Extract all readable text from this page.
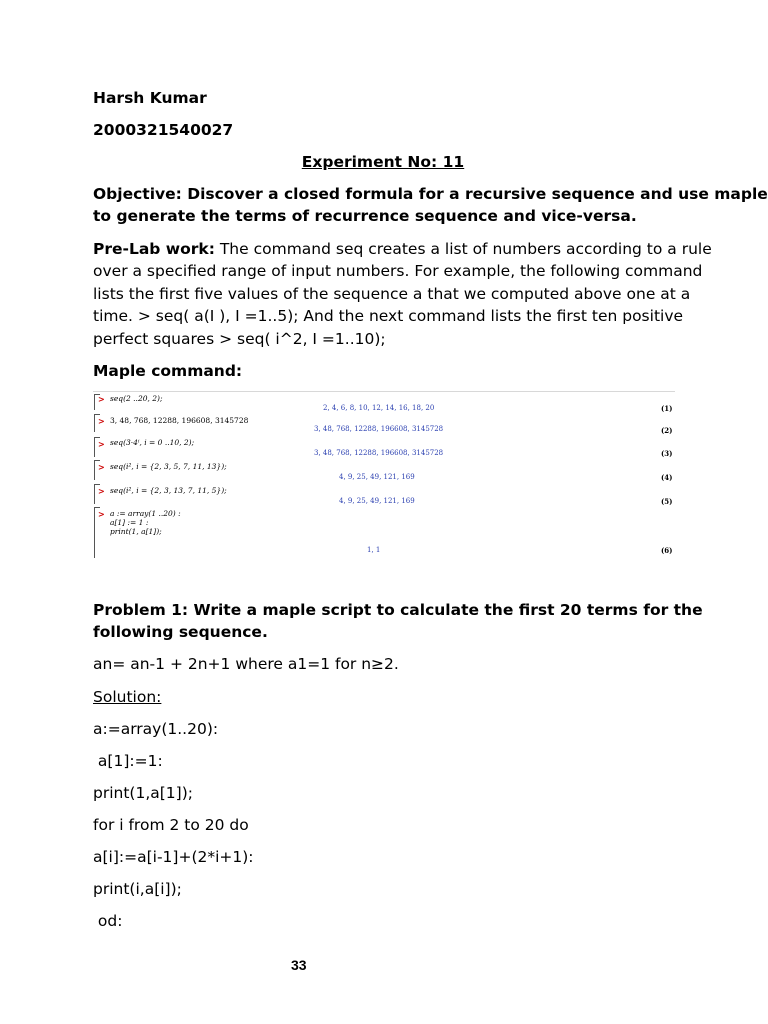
Harsh Kumar
2000321540027
Experiment No: 11
Objective: Discover a closed formula for a recursive sequence and use maple
to generate the terms of recurrence sequence and vice-versa.
Pre-Lab work: The command seq creates a list of numbers according to a rule
over a specified range of input numbers. For example, the following command
lists the first five values of the sequence a that we computed above one at a
time. > seq( a(I ), I =1..5); And the next command lists the first ten positive
perfect squares > seq( i^2, I =1..10);
Maple command:
> seq(2 ..20, 2);
2, 4, 6, 8, 10, 12, 14, 16, 18, 20	(1)
> 3, 48, 768, 12288, 196608, 3145728
3, 48, 768, 12288, 196608, 3145728	(2)
> seq(3·4ⁱ, i = 0 ..10, 2);
3, 48, 768, 12288, 196608, 3145728	(3)
> seq(i², i = {2, 3, 5, 7, 11, 13});
4, 9, 25, 49, 121, 169	(4)
> seq(i², i = {2, 3, 13, 7, 11, 5});
4, 9, 25, 49, 121, 169	(5)
> a := array(1 ..20) :
a[1] := 1 :
print(1, a[1]);
1, 1	(6)
Problem 1: Write a maple script to calculate the first 20 terms for the
following sequence.
an= an-1 + 2n+1 where a1=1 for n≥2.
Solution:
a:=array(1..20):
a[1]:=1:
print(1,a[1]);
for i from 2 to 20 do
a[i]:=a[i-1]+(2*i+1):
print(i,a[i]);
od:
33
